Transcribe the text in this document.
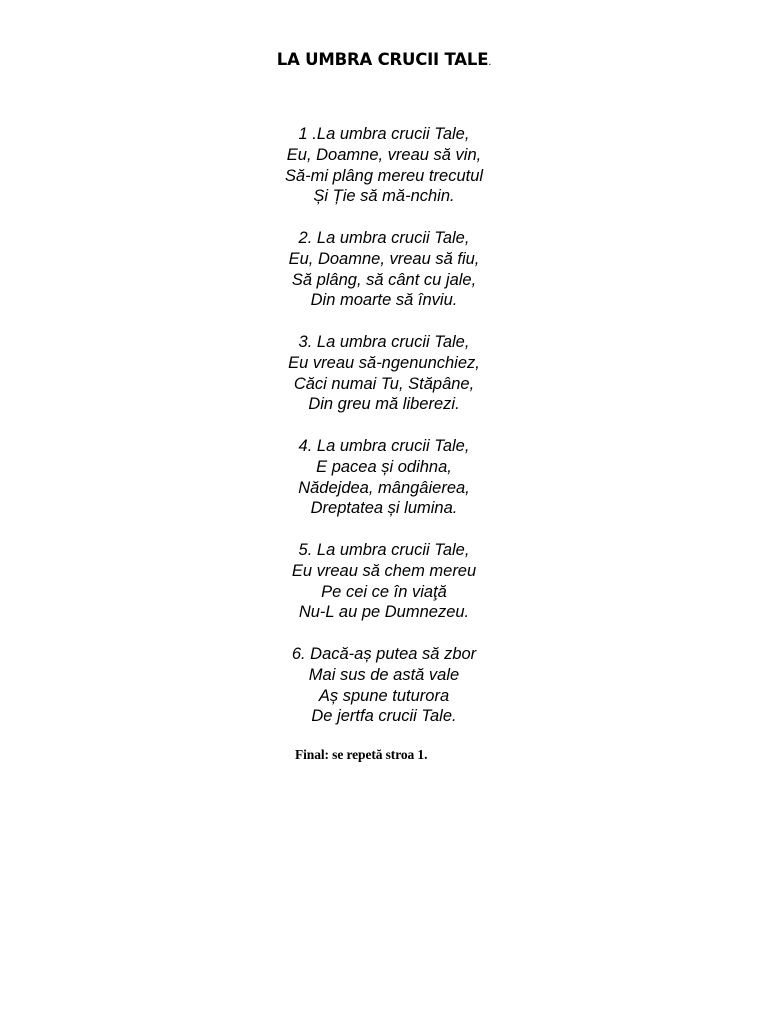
LA UMBRA CRUCII TALE.
1 .La umbra crucii Tale,
Eu, Doamne, vreau să vin,
Să-mi plâng mereu trecutul
Și Ție să mă-nchin.
2. La umbra crucii Tale,
Eu, Doamne, vreau să fiu,
Să plâng, să cânt cu jale,
Din moarte să înviu.
3. La umbra crucii Tale,
Eu vreau să-ngenunchiez,
Căci numai Tu, Stăpâne,
Din greu mă liberezi.
4. La umbra crucii Tale,
E pacea și odihna,
Nădejdea, mângâierea,
Dreptatea și lumina.
5. La umbra crucii Tale,
Eu vreau să chem mereu
Pe cei ce în viaţă
Nu-L au pe Dumnezeu.
6. Dacă-aș putea să zbor
Mai sus de astă vale
Aș spune tuturora
De jertfa crucii Tale.
Final: se repetă stroa 1.
